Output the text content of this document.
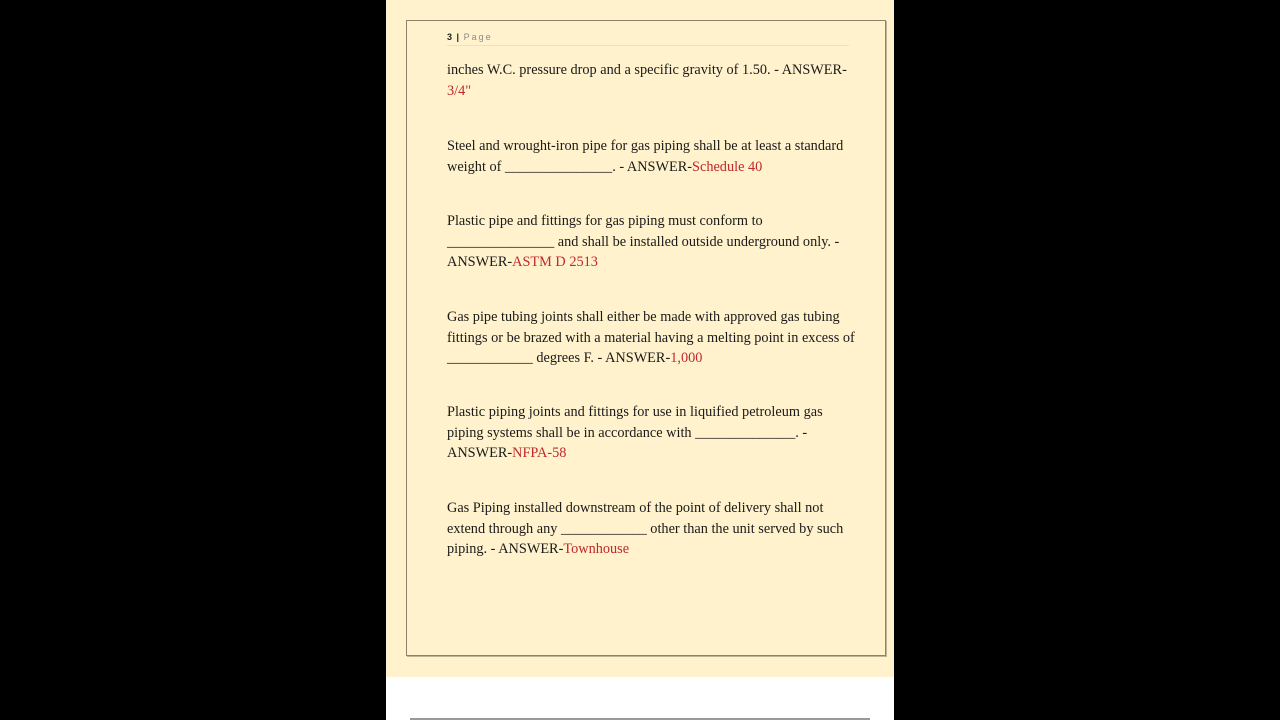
3 | Page
inches W.C. pressure drop and a specific gravity of 1.50. - ANSWER-3/4"
Steel and wrought-iron pipe for gas piping shall be at least a standard weight of _______________. - ANSWER-Schedule 40
Plastic pipe and fittings for gas piping must conform to _______________ and shall be installed outside underground only. - ANSWER-ASTM D 2513
Gas pipe tubing joints shall either be made with approved gas tubing fittings or be brazed with a material having a melting point in excess of ____________ degrees F. - ANSWER-1,000
Plastic piping joints and fittings for use in liquified petroleum gas piping systems shall be in accordance with ______________. - ANSWER-NFPA-58
Gas Piping installed downstream of the point of delivery shall not extend through any ____________ other than the unit served by such piping. - ANSWER-Townhouse
